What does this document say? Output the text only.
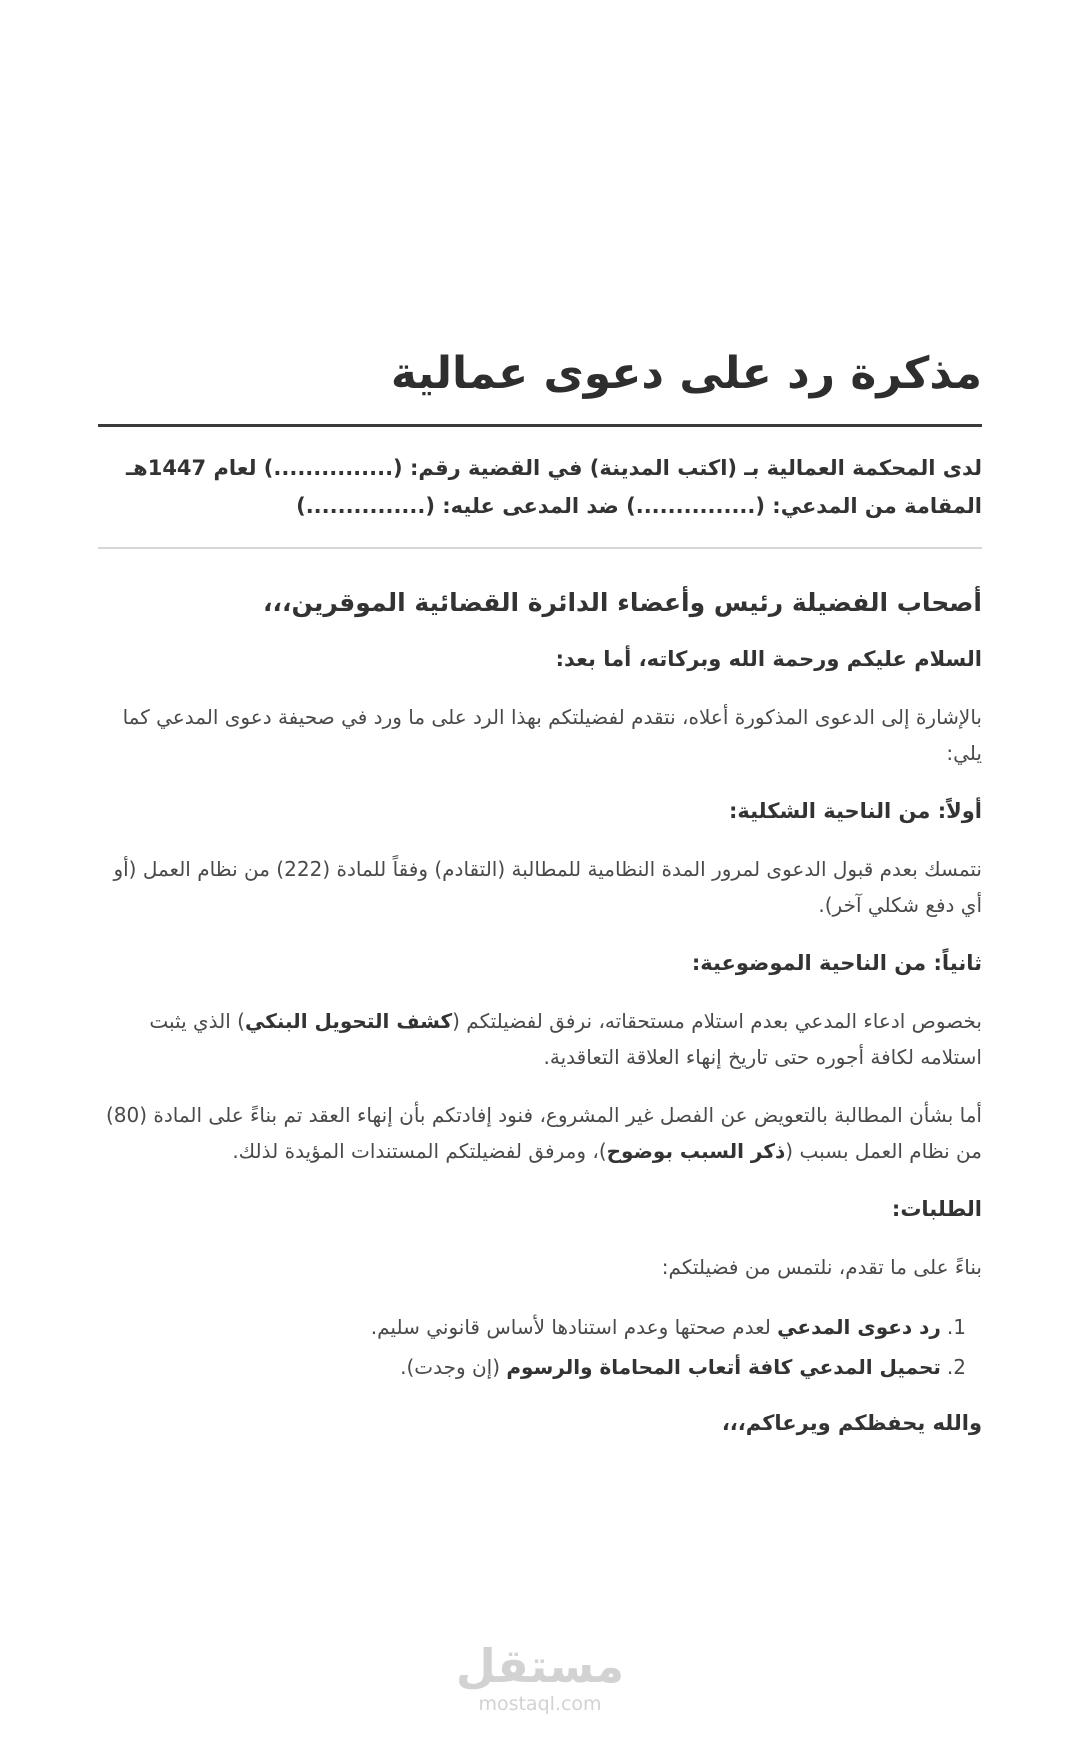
مذكرة رد على دعوى عمالية

لدى المحكمة العمالية بـ (اكتب المدينة) في القضية رقم: (...............) لعام 1447هـ المقامة من المدعي: (...............) ضد المدعى عليه: (...............)

أصحاب الفضيلة رئيس وأعضاء الدائرة القضائية الموقرين،،،

السلام عليكم ورحمة الله وبركاته، أما بعد:

بالإشارة إلى الدعوى المذكورة أعلاه، نتقدم لفضيلتكم بهذا الرد على ما ورد في صحيفة دعوى المدعي كما يلي:

أولاً: من الناحية الشكلية:

نتمسك بعدم قبول الدعوى لمرور المدة النظامية للمطالبة (التقادم) وفقاً للمادة (222) من نظام العمل (أو أي دفع شكلي آخر).

ثانياً: من الناحية الموضوعية:

بخصوص ادعاء المدعي بعدم استلام مستحقاته، نرفق لفضيلتكم (كشف التحويل البنكي) الذي يثبت استلامه لكافة أجوره حتى تاريخ إنهاء العلاقة التعاقدية.

أما بشأن المطالبة بالتعويض عن الفصل غير المشروع، فنود إفادتكم بأن إنهاء العقد تم بناءً على المادة (80) من نظام العمل بسبب (ذكر السبب بوضوح)، ومرفق لفضيلتكم المستندات المؤيدة لذلك.

الطلبات:

بناءً على ما تقدم، نلتمس من فضيلتكم:

1.رد دعوى المدعي لعدم صحتها وعدم استنادها لأساس قانوني سليم.
2.تحميل المدعي كافة أتعاب المحاماة والرسوم (إن وجدت).

والله يحفظكم ويرعاكم،،،

مستقل
mostaql.com
